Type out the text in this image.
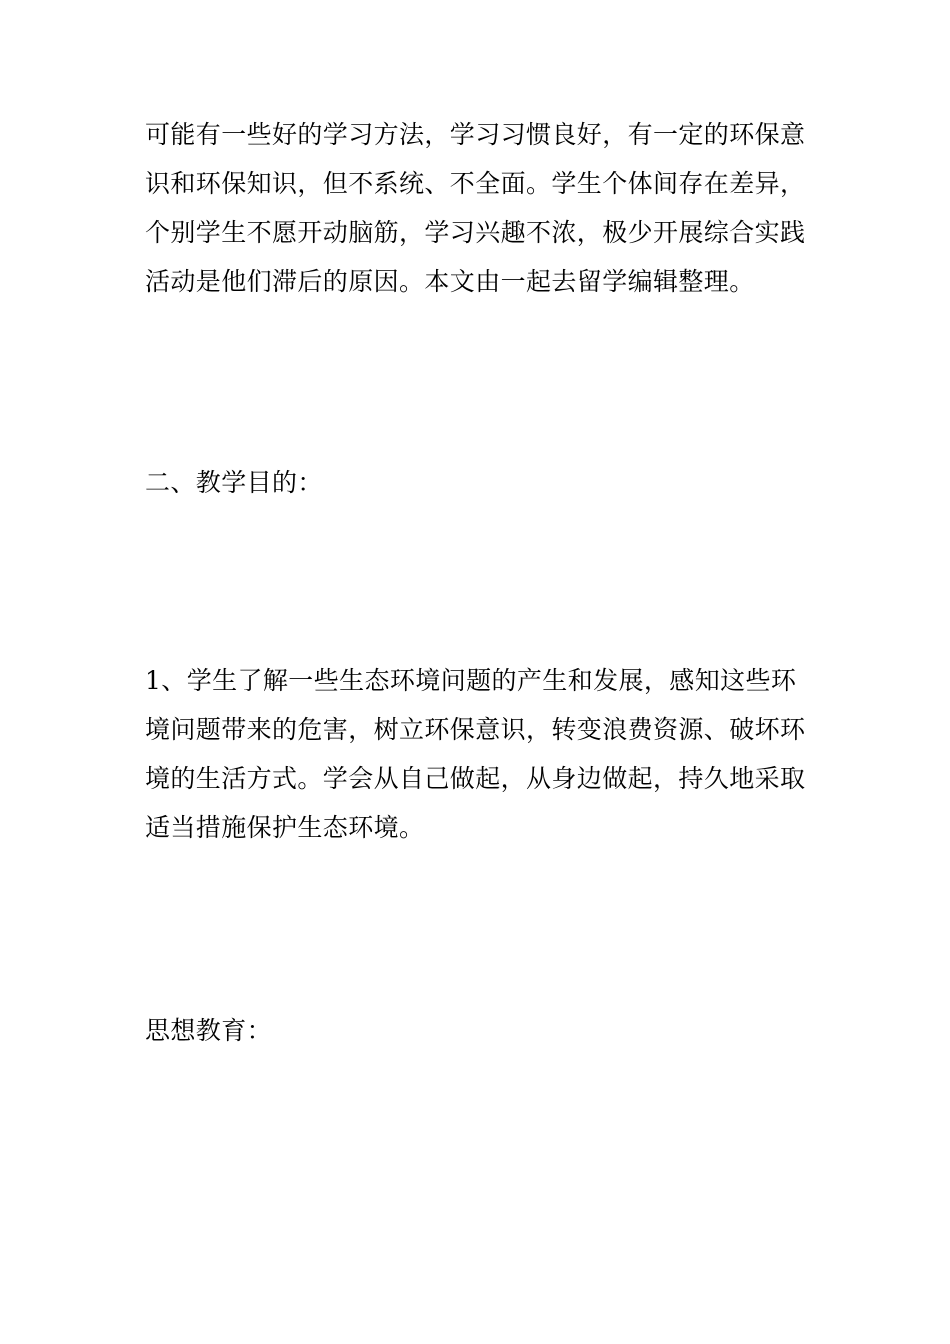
可能有一些好的学习方法，学习习惯良好，有一定的环保意
识和环保知识，但不系统、不全面。学生个体间存在差异，
个别学生不愿开动脑筋，学习兴趣不浓，极少开展综合实践
活动是他们滞后的原因。本文由一起去留学编辑整理。
二、教学目的：
1、学生了解一些生态环境问题的产生和发展，感知这些环
境问题带来的危害，树立环保意识，转变浪费资源、破坏环
境的生活方式。学会从自己做起，从身边做起，持久地采取
适当措施保护生态环境。
思想教育：
